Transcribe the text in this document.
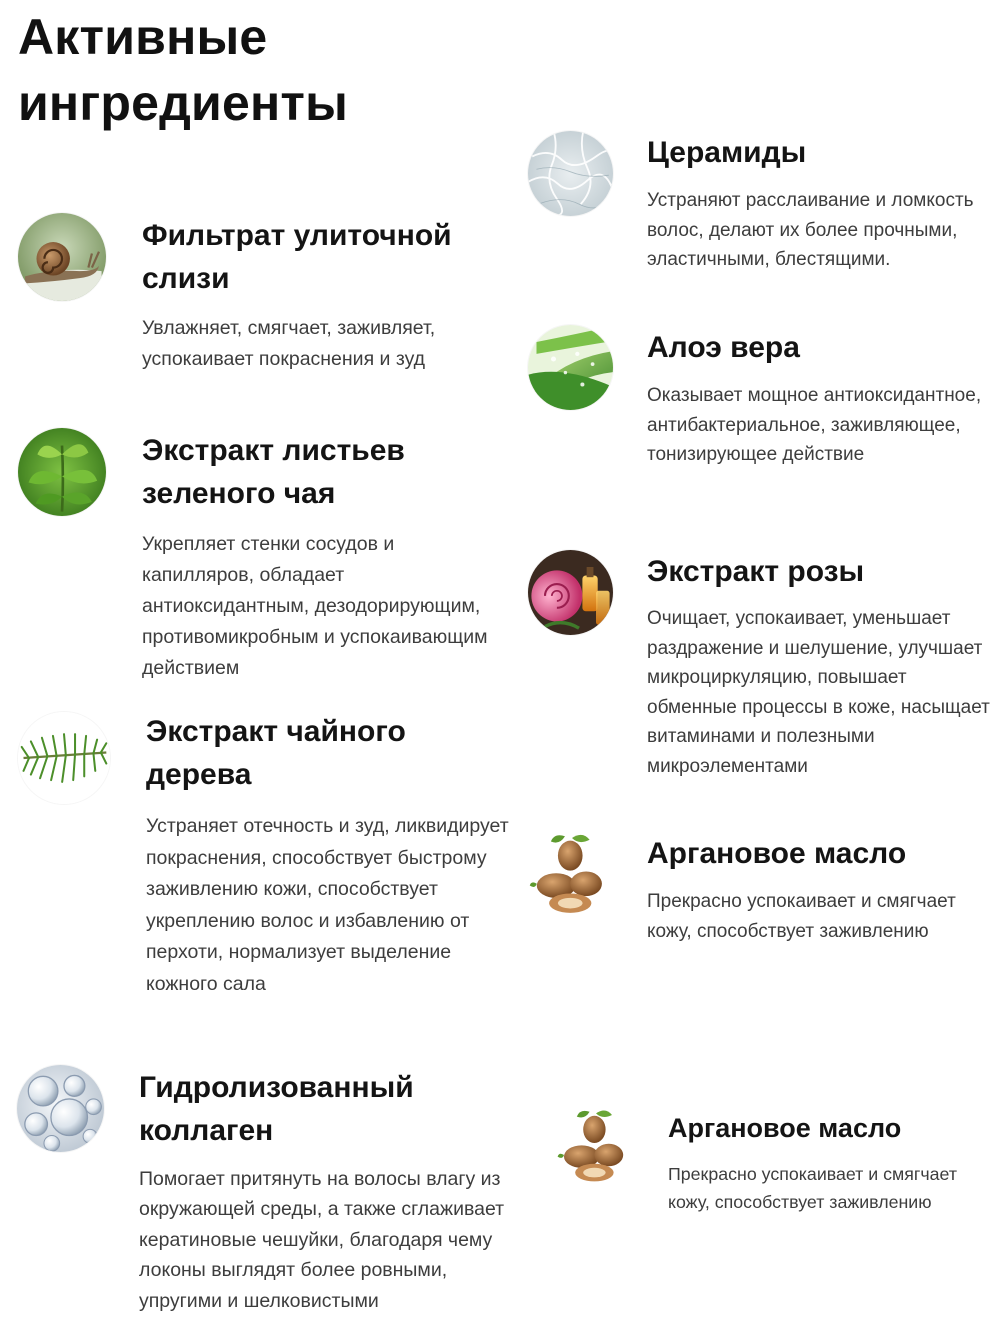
Активные ингредиенты
Фильтрат улиточной слизи

Увлажняет, смягчает, заживляет, успокаивает покраснения и зуд

Экстракт листьев зеленого чая

Укрепляет стенки сосудов и капилляров, обладает антиоксидантным, дезодорирующим, противомикробным и успокаивающим действием

Экстракт чайного дерева

Устраняет отечность и зуд, ликвидирует покраснения, способствует быстрому заживлению кожи, способствует укреплению волос и избавлению от перхоти, нормализует выделение кожного сала

Гидролизованный коллаген

Помогает притянуть на волосы влагу из окружающей среды, а также сглаживает кератиновые чешуйки, благодаря чему локоны выглядят более ровными, упругими и шелковистыми

Церамиды

Устраняют расслаивание и ломкость волос, делают их более прочными, эластичными, блестящими.

Алоэ вера

Оказывает мощное антиоксидантное, антибактериальное, заживляющее, тонизирующее действие

Экстракт розы

Очищает, успокаивает, уменьшает раздражение и шелушение, улучшает микроциркуляцию, повышает обменные процессы в коже, насыщает витаминами и полезными микроэлементами

Аргановое масло

Прекрасно успокаивает и смягчает кожу, способствует заживлению

Аргановое масло

Прекрасно успокаивает и смягчает кожу, способствует заживлению
